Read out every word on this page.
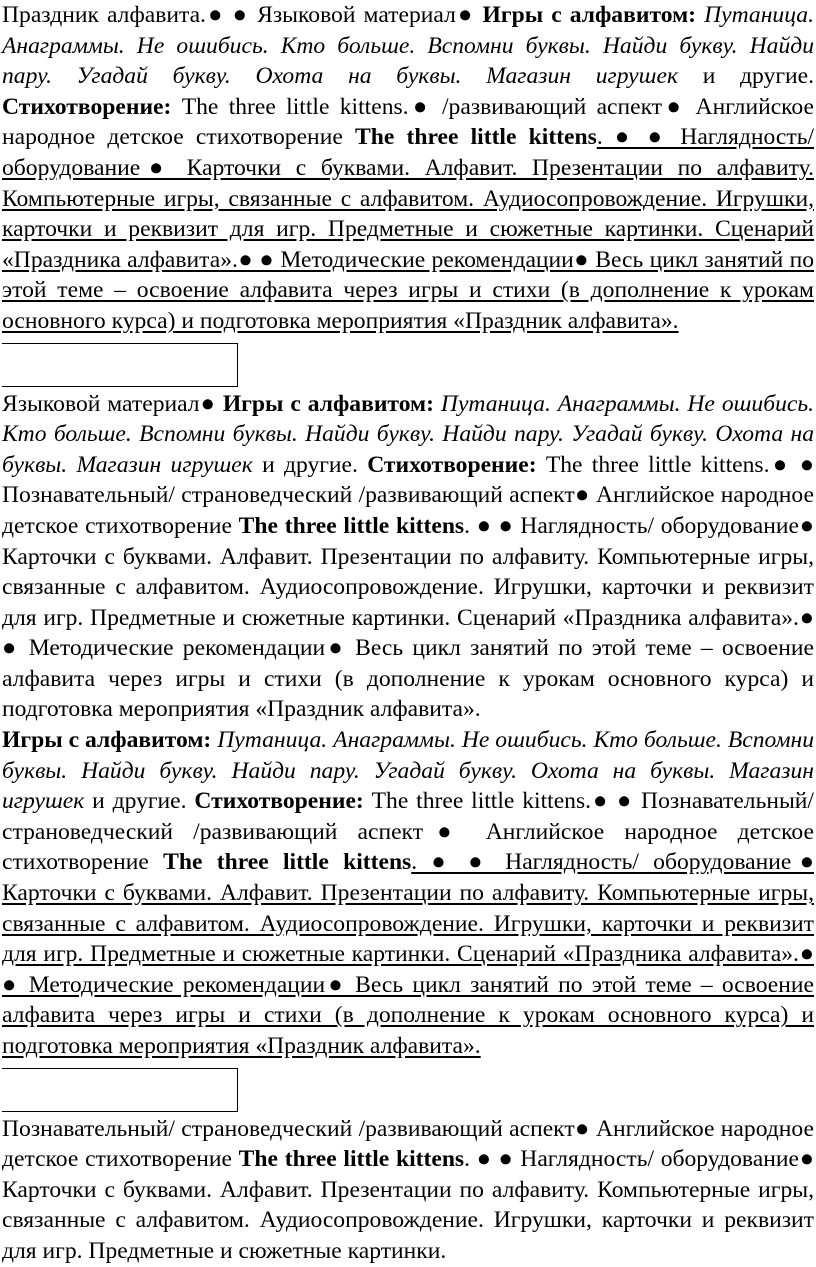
Праздник алфавита.● ● Языковой материал● Игры с алфавитом: Путаница. Анаграммы. Не ошибись. Кто больше. Вспомни буквы. Найди букву. Найди пару. Угадай букву. Охота на буквы. Магазин игрушек и другие. Стихотворение: The three little kittens.● /развивающий аспект● Английское народное детское стихотворение The three little kittens. ● ● Наглядность/ оборудование● Карточки с буквами. Алфавит. Презентации по алфавиту. Компьютерные игры, связанные с алфавитом. Аудиосопровождение. Игрушки, карточки и реквизит для игр. Предметные и сюжетные картинки. Сценарий «Праздника алфавита».● ● Методические рекомендации● Весь цикл занятий по этой теме – освоение алфавита через игры и стихи (в дополнение к урокам основного курса) и подготовка мероприятия «Праздник алфавита».

Языковой материал● Игры с алфавитом: Путаница. Анаграммы. Не ошибись. Кто больше. Вспомни буквы. Найди букву. Найди пару. Угадай букву. Охота на буквы. Магазин игрушек и другие. Стихотворение: The three little kittens.● ● Познавательный/ страноведческий /развивающий аспект● Английское народное детское стихотворение The three little kittens. ● ● Наглядность/ оборудование● Карточки с буквами. Алфавит. Презентации по алфавиту. Компьютерные игры, связанные с алфавитом. Аудиосопровождение. Игрушки, карточки и реквизит для игр. Предметные и сюжетные картинки. Сценарий «Праздника алфавита».● ● Методические рекомендации● Весь цикл занятий по этой теме – освоение алфавита через игры и стихи (в дополнение к урокам основного курса) и подготовка мероприятия «Праздник алфавита».

Игры с алфавитом: Путаница. Анаграммы. Не ошибись. Кто больше. Вспомни буквы. Найди букву. Найди пару. Угадай букву. Охота на буквы. Магазин игрушек и другие. Стихотворение: The three little kittens.● ● Познавательный/ страноведческий /развивающий аспект● Английское народное детское стихотворение The three little kittens. ● ● Наглядность/ оборудование● Карточки с буквами. Алфавит. Презентации по алфавиту. Компьютерные игры, связанные с алфавитом. Аудиосопровождение. Игрушки, карточки и реквизит для игр. Предметные и сюжетные картинки. Сценарий «Праздника алфавита».● ● Методические рекомендации● Весь цикл занятий по этой теме – освоение алфавита через игры и стихи (в дополнение к урокам основного курса) и подготовка мероприятия «Праздник алфавита».

Познавательный/ страноведческий /развивающий аспект● Английское народное детское стихотворение The three little kittens. ● ● Наглядность/ оборудование● Карточки с буквами. Алфавит. Презентации по алфавиту. Компьютерные игры, связанные с алфавитом. Аудиосопровождение. Игрушки, карточки и реквизит для игр. Предметные и сюжетные картинки.
